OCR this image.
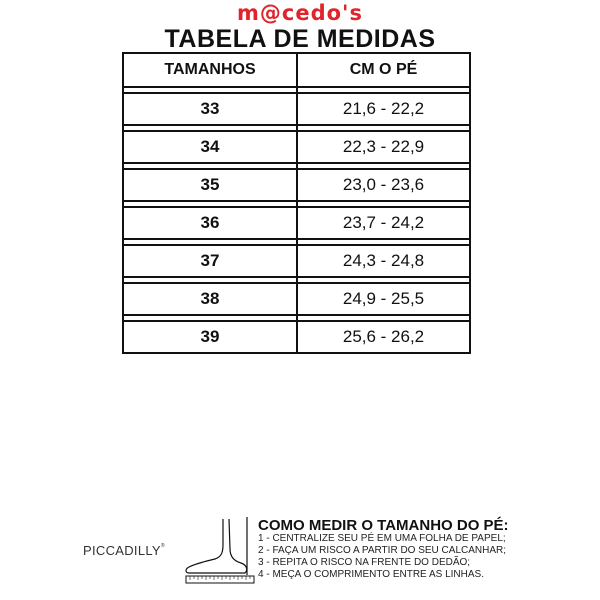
m@cedo's
TABELA DE MEDIDAS
TAMANHOS	CM O PÉ

33	21,6 - 22,2

34	22,3 - 22,9

35	23,0 - 23,6

36	23,7 - 24,2

37	24,3 - 24,8

38	24,9 - 25,5

39	25,6 - 26,2
PICCADILLY®
COMO MEDIR O TAMANHO DO PÉ:
1 - CENTRALIZE SEU PÉ EM UMA FOLHA DE PAPEL;
2 - FAÇA UM RISCO A PARTIR DO SEU CALCANHAR;
3 - REPITA O RISCO NA FRENTE DO DEDÃO;
4 - MEÇA O COMPRIMENTO ENTRE AS LINHAS.
